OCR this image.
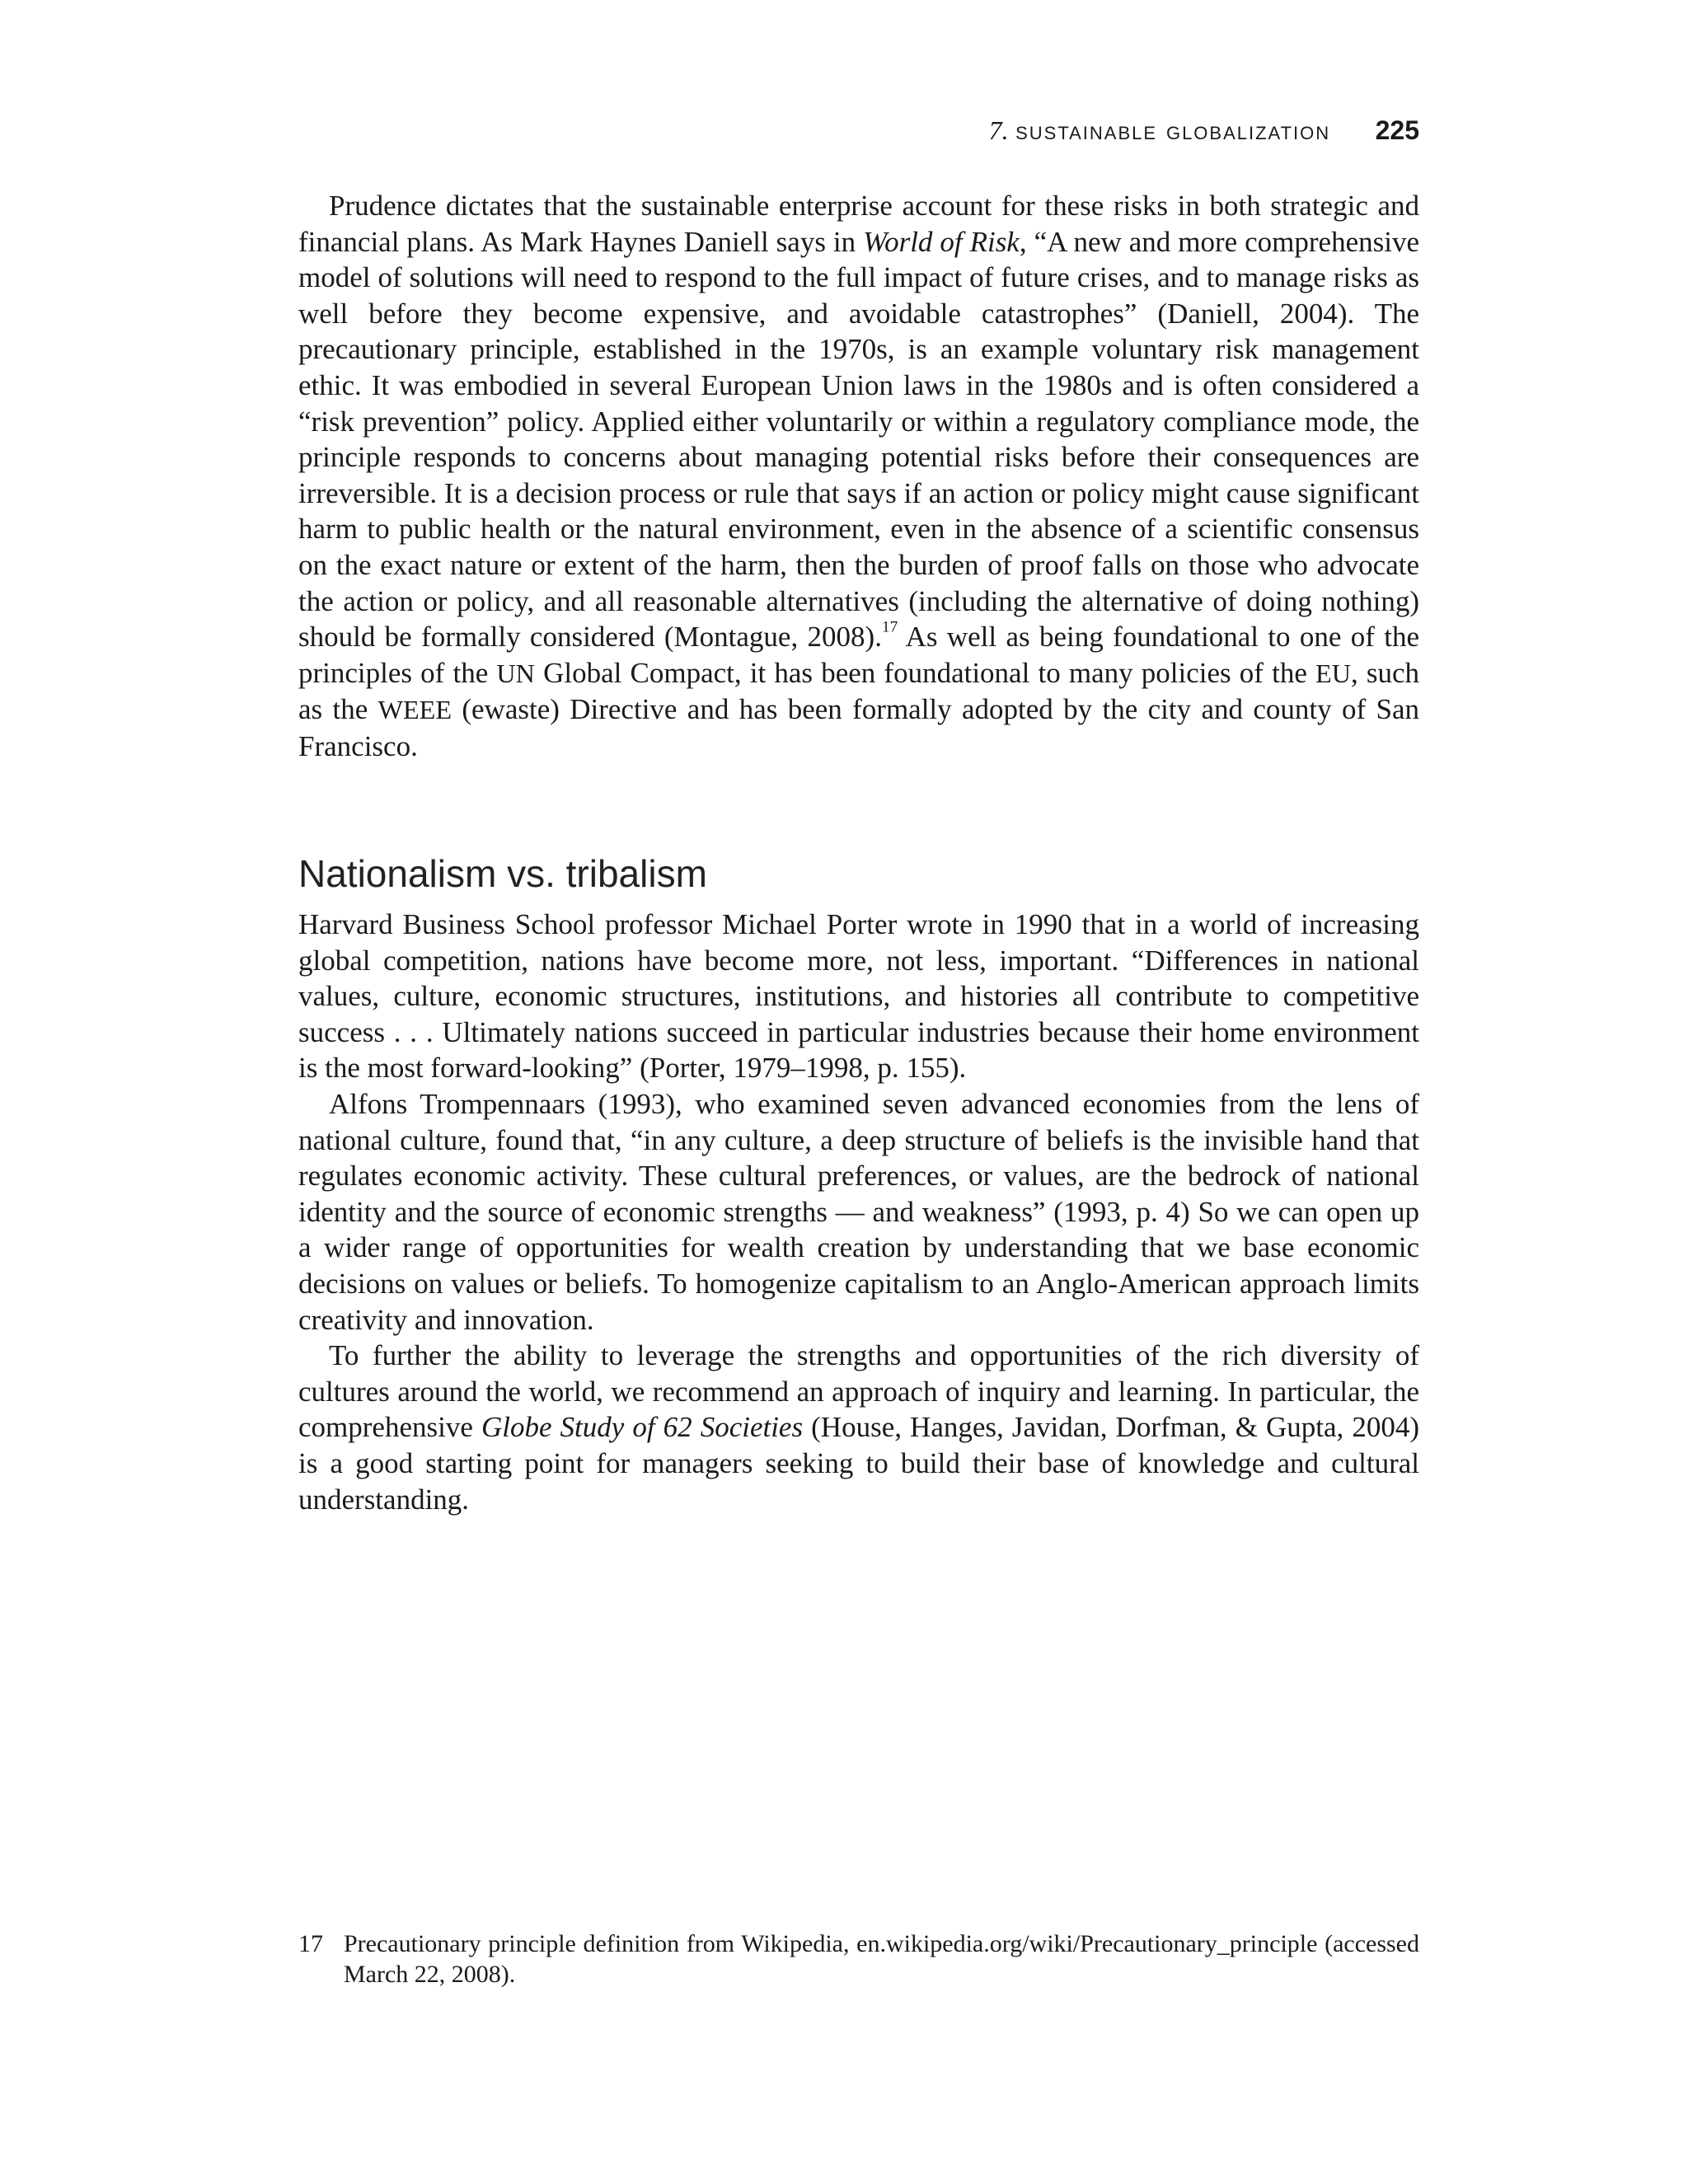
7. sustainable globalization 225

Prudence dictates that the sustainable enterprise account for these risks in both strategic and financial plans. As Mark Haynes Daniell says in World of Risk, “A new and more comprehensive model of solutions will need to respond to the full impact of future crises, and to manage risks as well before they become expensive, and avoidable catastrophes” (Daniell, 2004). The precautionary principle, established in the 1970s, is an example voluntary risk management ethic. It was embodied in several European Union laws in the 1980s and is often considered a “risk prevention” policy. Applied either voluntarily or within a regulatory compliance mode, the principle responds to concerns about managing potential risks before their consequences are irreversible. It is a decision process or rule that says if an action or policy might cause significant harm to public health or the natural environment, even in the absence of a scientific consensus on the exact nature or extent of the harm, then the burden of proof falls on those who advocate the action or policy, and all reasonable alternatives (including the alternative of doing nothing) should be formally considered (Montague, 2008).$^{17}$ As well as being foundational to one of the principles of the UN Global Compact, it has been foundational to many policies of the EU, such as the WEEE (ewaste) Directive and has been formally adopted by the city and county of San Francisco.

Nationalism vs. tribalism

Harvard Business School professor Michael Porter wrote in 1990 that in a world of increasing global competition, nations have become more, not less, important. “Differences in national values, culture, economic structures, institutions, and histories all contribute to competitive success . . . Ultimately nations succeed in particular industries because their home environment is the most forward-looking” (Porter, 1979–1998, p. 155).

Alfons Trompennaars (1993), who examined seven advanced economies from the lens of national culture, found that, “in any culture, a deep structure of beliefs is the invisible hand that regulates economic activity. These cultural preferences, or values, are the bedrock of national identity and the source of economic strengths — and weakness” (1993, p. 4) So we can open up a wider range of opportunities for wealth creation by understanding that we base economic decisions on values or beliefs. To homogenize capitalism to an Anglo-American approach limits creativity and innovation.

To further the ability to leverage the strengths and opportunities of the rich diversity of cultures around the world, we recommend an approach of inquiry and learning. In particular, the comprehensive Globe Study of 62 Societies (House, Hanges, Javidan, Dorfman, & Gupta, 2004) is a good starting point for managers seeking to build their base of knowledge and cultural understanding.

17 Precautionary principle definition from Wikipedia, en.wikipedia.org/wiki/Precautionary_principle (accessed March 22, 2008).
